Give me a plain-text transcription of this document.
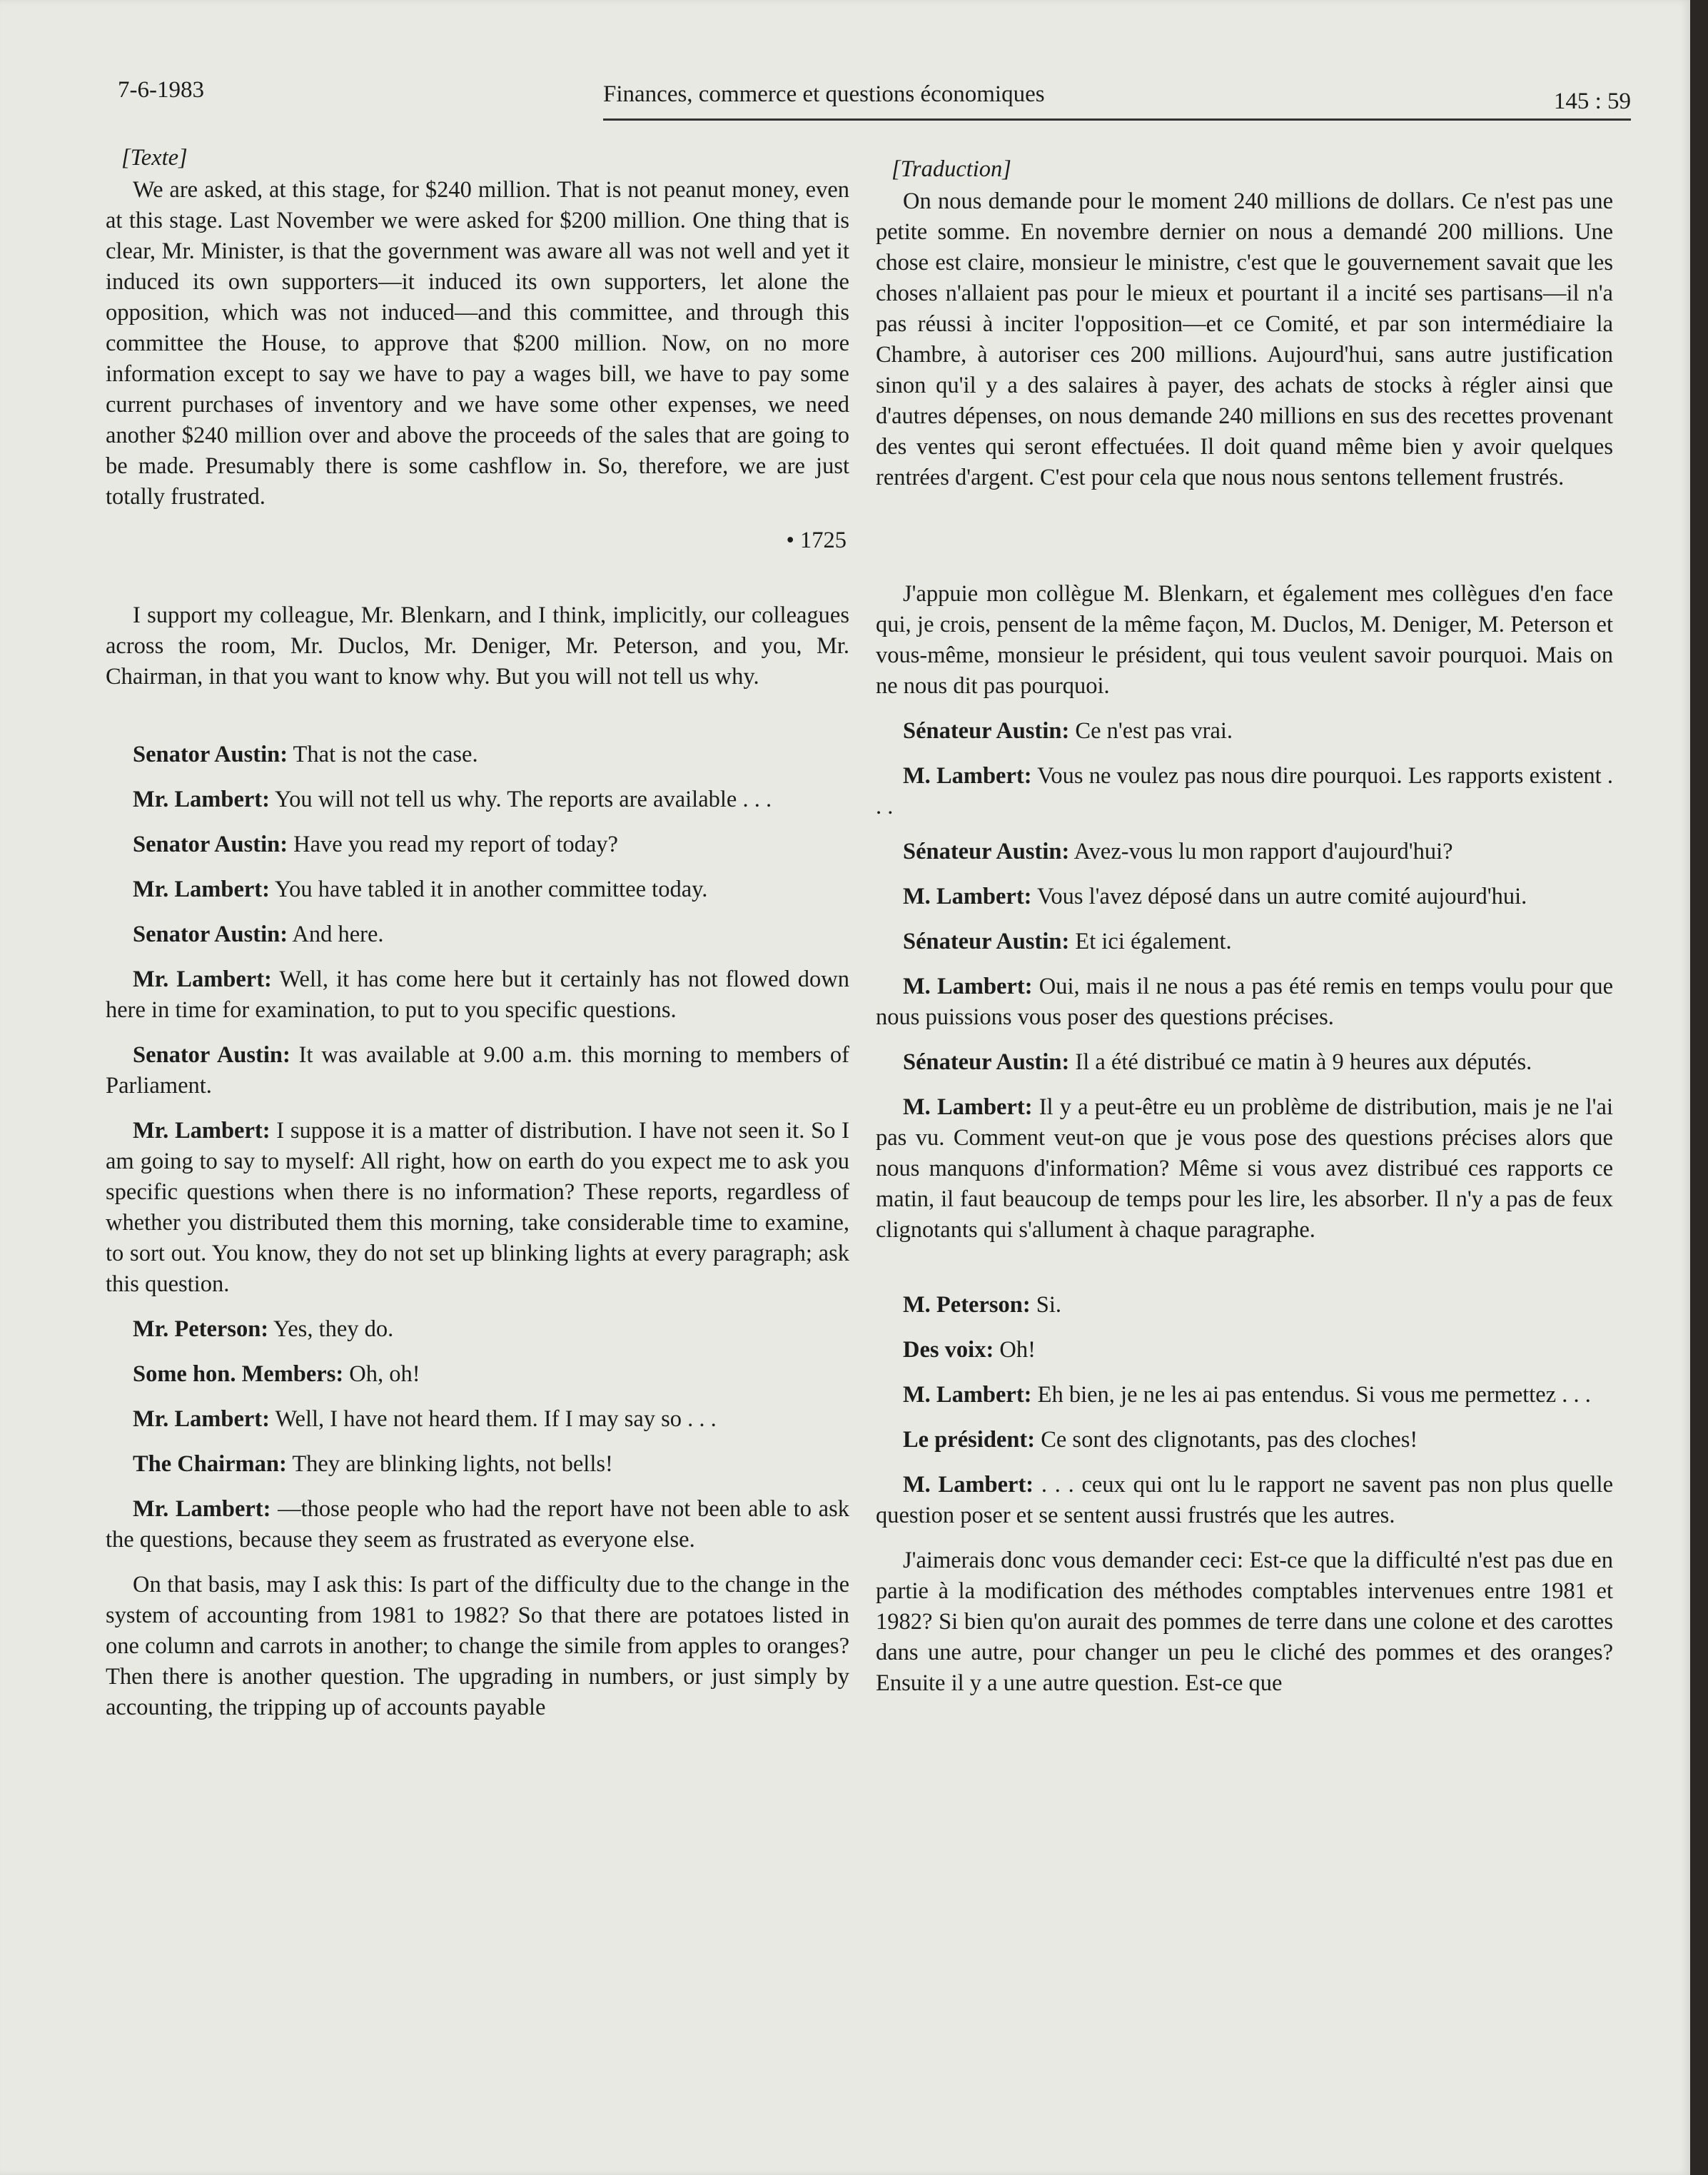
7-6-1983	Finances, commerce et questions économiques	145 : 59
[Texte]

We are asked, at this stage, for $240 million. That is not peanut money, even at this stage. Last November we were asked for $200 million. One thing that is clear, Mr. Minister, is that the government was aware all was not well and yet it induced its own supporters—it induced its own supporters, let alone the opposition, which was not induced—and this committee, and through this committee the House, to approve that $200 million. Now, on no more information except to say we have to pay a wages bill, we have to pay some current purchases of inventory and we have some other expenses, we need another $240 million over and above the proceeds of the sales that are going to be made. Presumably there is some cashflow in. So, therefore, we are just totally frustrated.

• 1725

I support my colleague, Mr. Blenkarn, and I think, implicitly, our colleagues across the room, Mr. Duclos, Mr. Deniger, Mr. Peterson, and you, Mr. Chairman, in that you want to know why. But you will not tell us why.

Senator Austin: That is not the case.

Mr. Lambert: You will not tell us why. The reports are available . . .

Senator Austin: Have you read my report of today?

Mr. Lambert: You have tabled it in another committee today.

Senator Austin: And here.

Mr. Lambert: Well, it has come here but it certainly has not flowed down here in time for examination, to put to you specific questions.

Senator Austin: It was available at 9.00 a.m. this morning to members of Parliament.

Mr. Lambert: I suppose it is a matter of distribution. I have not seen it. So I am going to say to myself: All right, how on earth do you expect me to ask you specific questions when there is no information? These reports, regardless of whether you distributed them this morning, take considerable time to examine, to sort out. You know, they do not set up blinking lights at every paragraph; ask this question.

Mr. Peterson: Yes, they do.

Some hon. Members: Oh, oh!

Mr. Lambert: Well, I have not heard them. If I may say so . . .

The Chairman: They are blinking lights, not bells!

Mr. Lambert: —those people who had the report have not been able to ask the questions, because they seem as frustrated as everyone else.

On that basis, may I ask this: Is part of the difficulty due to the change in the system of accounting from 1981 to 1982? So that there are potatoes listed in one column and carrots in another; to change the simile from apples to oranges? Then there is another question. The upgrading in numbers, or just simply by accounting, the tripping up of accounts payable

[Traduction]

On nous demande pour le moment 240 millions de dollars. Ce n'est pas une petite somme. En novembre dernier on nous a demandé 200 millions. Une chose est claire, monsieur le ministre, c'est que le gouvernement savait que les choses n'allaient pas pour le mieux et pourtant il a incité ses partisans—il n'a pas réussi à inciter l'opposition—et ce Comité, et par son intermédiaire la Chambre, à autoriser ces 200 millions. Aujourd'hui, sans autre justification sinon qu'il y a des salaires à payer, des achats de stocks à régler ainsi que d'autres dépenses, on nous demande 240 millions en sus des recettes provenant des ventes qui seront effectuées. Il doit quand même bien y avoir quelques rentrées d'argent. C'est pour cela que nous nous sentons tellement frustrés.

J'appuie mon collègue M. Blenkarn, et également mes collègues d'en face qui, je crois, pensent de la même façon, M. Duclos, M. Deniger, M. Peterson et vous-même, monsieur le président, qui tous veulent savoir pourquoi. Mais on ne nous dit pas pourquoi.

Sénateur Austin: Ce n'est pas vrai.

M. Lambert: Vous ne voulez pas nous dire pourquoi. Les rapports existent . . .

Sénateur Austin: Avez-vous lu mon rapport d'aujourd'hui?

M. Lambert: Vous l'avez déposé dans un autre comité aujourd'hui.

Sénateur Austin: Et ici également.

M. Lambert: Oui, mais il ne nous a pas été remis en temps voulu pour que nous puissions vous poser des questions précises.

Sénateur Austin: Il a été distribué ce matin à 9 heures aux députés.

M. Lambert: Il y a peut-être eu un problème de distribution, mais je ne l'ai pas vu. Comment veut-on que je vous pose des questions précises alors que nous manquons d'information? Même si vous avez distribué ces rapports ce matin, il faut beaucoup de temps pour les lire, les absorber. Il n'y a pas de feux clignotants qui s'allument à chaque paragraphe.

M. Peterson: Si.

Des voix: Oh!

M. Lambert: Eh bien, je ne les ai pas entendus. Si vous me permettez . . .

Le président: Ce sont des clignotants, pas des cloches!

M. Lambert: . . . ceux qui ont lu le rapport ne savent pas non plus quelle question poser et se sentent aussi frustrés que les autres.

J'aimerais donc vous demander ceci: Est-ce que la difficulté n'est pas due en partie à la modification des méthodes comptables intervenues entre 1981 et 1982? Si bien qu'on aurait des pommes de terre dans une colone et des carottes dans une autre, pour changer un peu le cliché des pommes et des oranges? Ensuite il y a une autre question. Est-ce que
